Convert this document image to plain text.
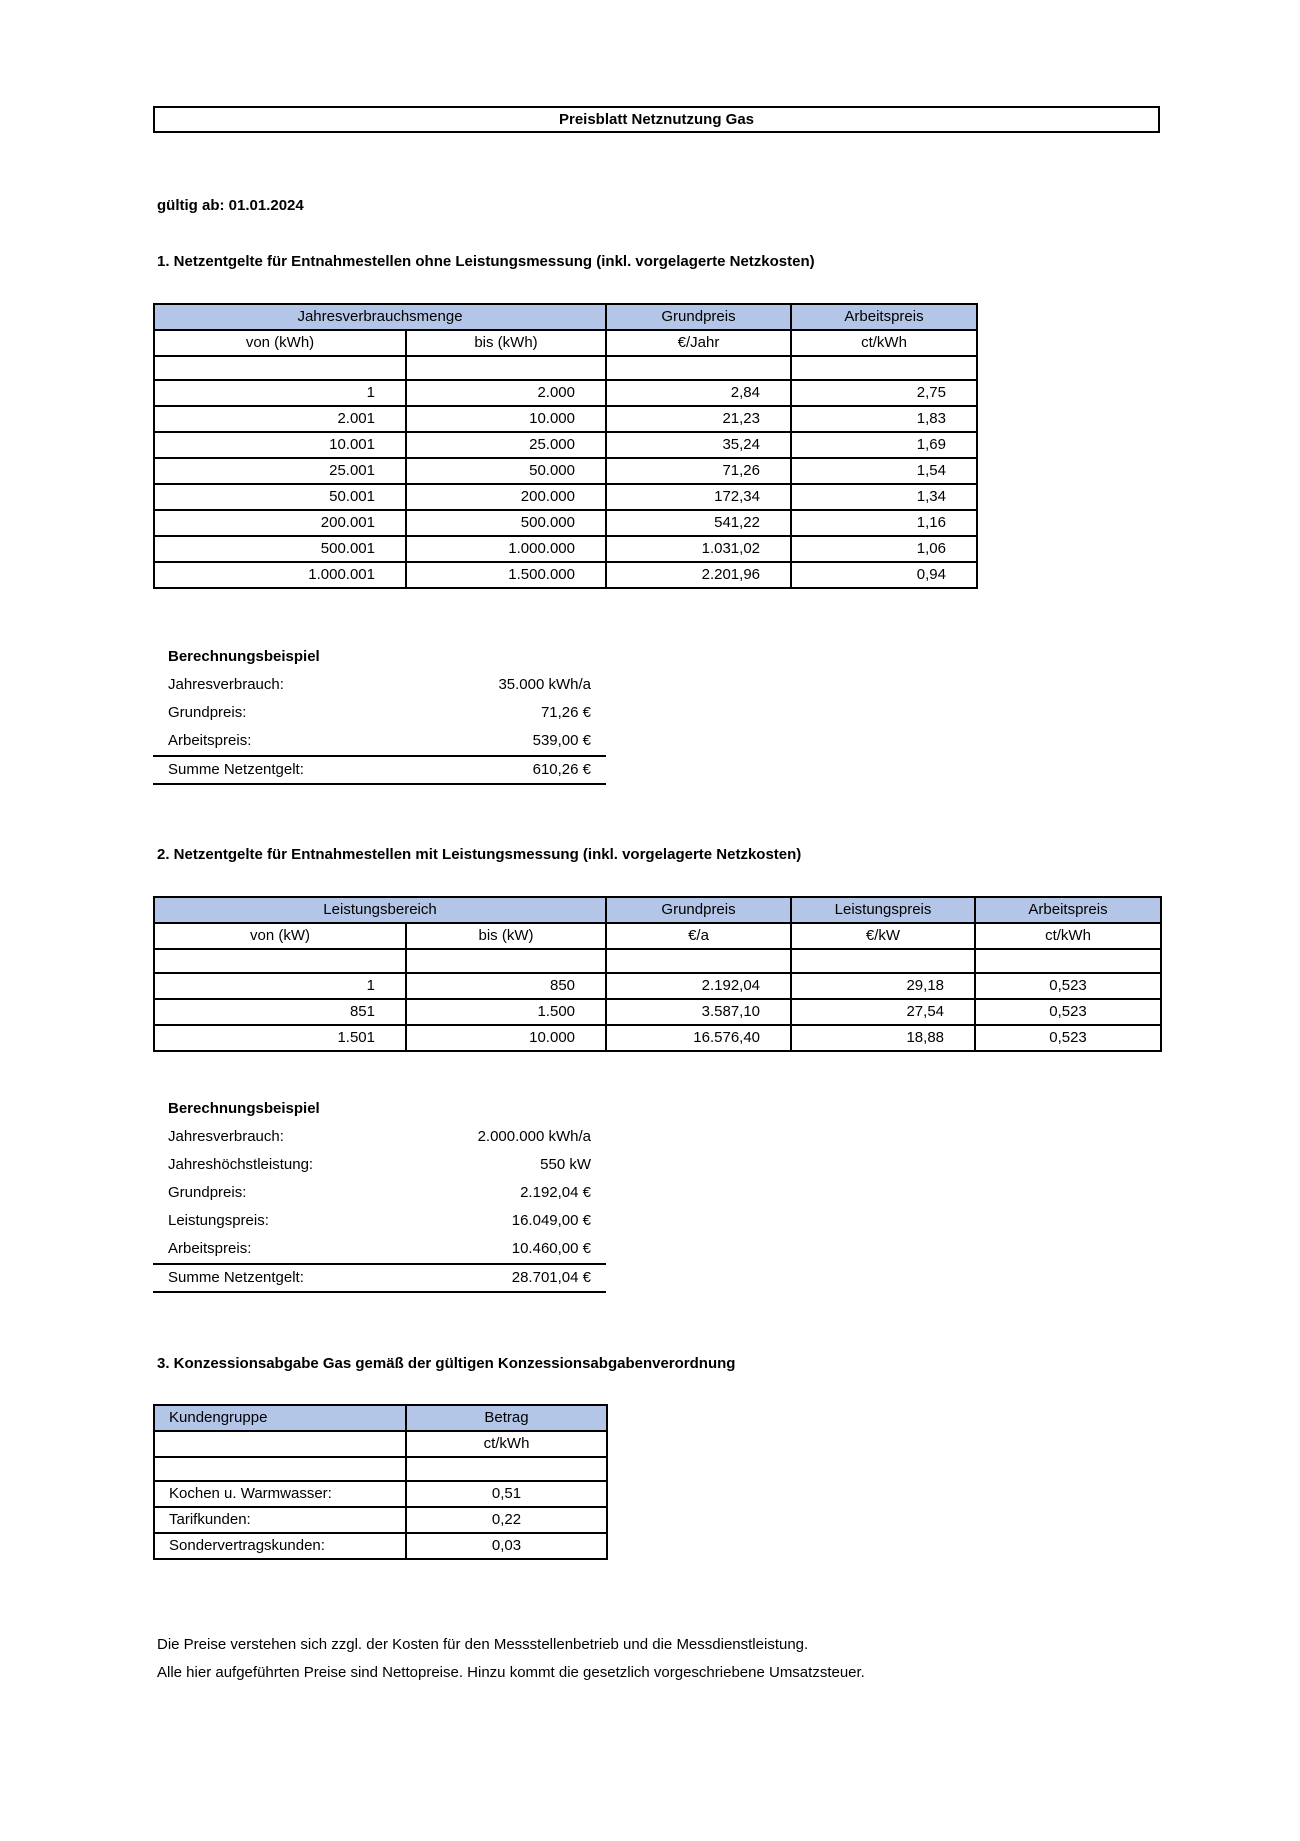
Preisblatt Netznutzung Gas
gültig ab: 01.01.2024
1. Netzentgelte für Entnahmestellen ohne Leistungsmessung (inkl. vorgelagerte Netzkosten)
Jahresverbrauchsmenge		Grundpreis	Arbeitspreis
von (kWh)	bis (kWh)	€/Jahr	ct/kWh

1	2.000	2,84	2,75
2.001	10.000	21,23	1,83
10.001	25.000	35,24	1,69
25.001	50.000	71,26	1,54
50.001	200.000	172,34	1,34
200.001	500.000	541,22	1,16
500.001	1.000.000	1.031,02	1,06
1.000.001	1.500.000	2.201,96	0,94
Berechnungsbeispiel
Jahresverbrauch:	35.000 kWh/a
Grundpreis:	71,26 €
Arbeitspreis:	539,00 €
Summe Netzentgelt:	610,26 €
2. Netzentgelte für Entnahmestellen mit Leistungsmessung (inkl. vorgelagerte Netzkosten)
Leistungsbereich		Grundpreis	Leistungspreis	Arbeitspreis
von (kW)	bis (kW)	€/a	€/kW	ct/kWh

1	850	2.192,04	29,18	0,523
851	1.500	3.587,10	27,54	0,523
1.501	10.000	16.576,40	18,88	0,523
Berechnungsbeispiel
Jahresverbrauch:	2.000.000 kWh/a
Jahreshöchstleistung:	550 kW
Grundpreis:	2.192,04 €
Leistungspreis:	16.049,00 €
Arbeitspreis:	10.460,00 €
Summe Netzentgelt:	28.701,04 €
3. Konzessionsabgabe Gas gemäß der gültigen Konzessionsabgabenverordnung
Kundengruppe	Betrag
	ct/kWh

Kochen u. Warmwasser:	0,51
Tarifkunden:	0,22
Sondervertragskunden:	0,03
Die Preise verstehen sich zzgl. der Kosten für den Messstellenbetrieb und die Messdienstleistung.
Alle hier aufgeführten Preise sind Nettopreise. Hinzu kommt die gesetzlich vorgeschriebene Umsatzsteuer.
